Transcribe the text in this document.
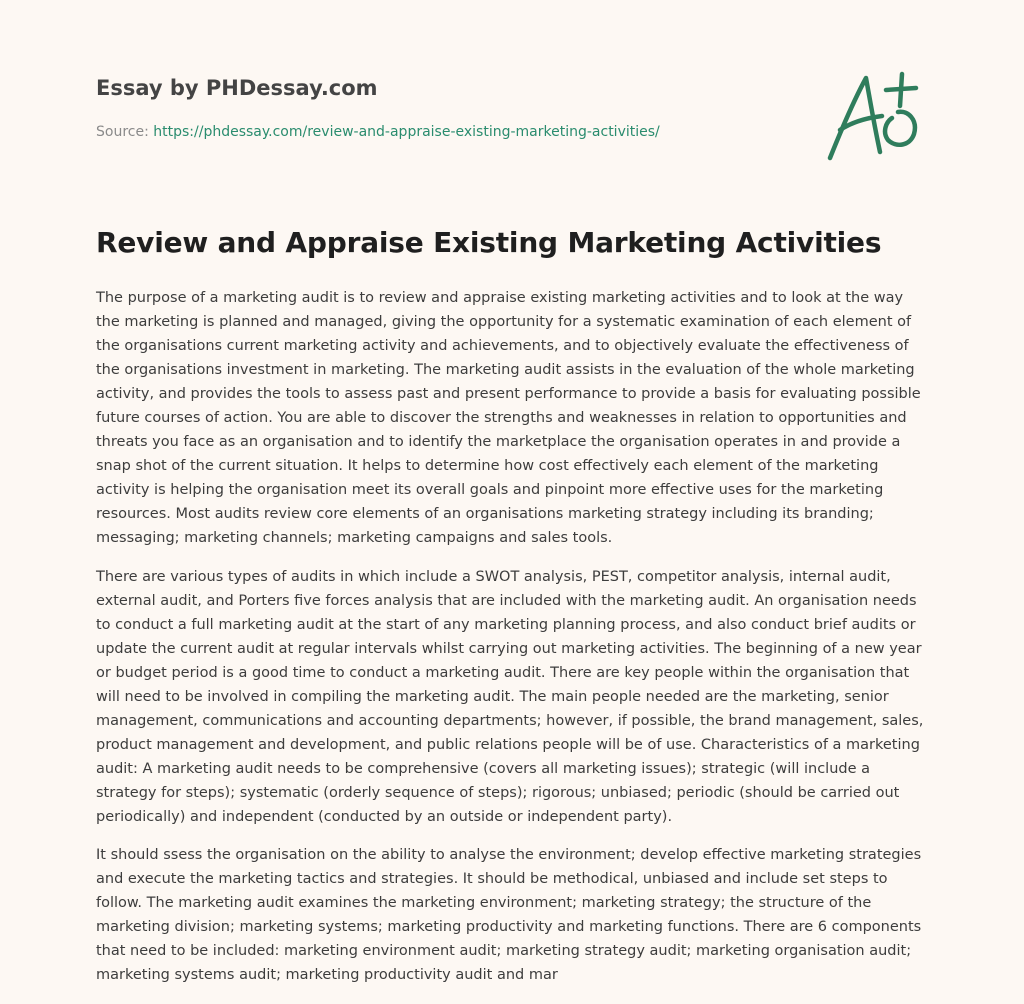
Essay by PHDessay.com

Source: https://phdessay.com/review-and-appraise-existing-marketing-activities/

Review and Appraise Existing Marketing Activities

The purpose of a marketing audit is to review and appraise existing marketing activities and to look at the way the marketing is planned and managed, giving the opportunity for a systematic examination of each element of the organisations current marketing activity and achievements, and to objectively evaluate the effectiveness of the organisations investment in marketing. The marketing audit assists in the evaluation of the whole marketing activity, and provides the tools to assess past and present performance to provide a basis for evaluating possible future courses of action. You are able to discover the strengths and weaknesses in relation to opportunities and threats you face as an organisation and to identify the marketplace the organisation operates in and provide a snap shot of the current situation. It helps to determine how cost effectively each element of the marketing activity is helping the organisation meet its overall goals and pinpoint more effective uses for the marketing resources. Most audits review core elements of an organisations marketing strategy including its branding; messaging; marketing channels; marketing campaigns and sales tools.

There are various types of audits in which include a SWOT analysis, PEST, competitor analysis, internal audit, external audit, and Porters five forces analysis that are included with the marketing audit. An organisation needs to conduct a full marketing audit at the start of any marketing planning process, and also conduct brief audits or update the current audit at regular intervals whilst carrying out marketing activities. The beginning of a new year or budget period is a good time to conduct a marketing audit. There are key people within the organisation that will need to be involved in compiling the marketing audit. The main people needed are the marketing, senior management, communications and accounting departments; however, if possible, the brand management, sales, product management and development, and public relations people will be of use. Characteristics of a marketing audit: A marketing audit needs to be comprehensive (covers all marketing issues); strategic (will include a strategy for steps); systematic (orderly sequence of steps); rigorous; unbiased; periodic (should be carried out periodically) and independent (conducted by an outside or independent party).

It should ssess the organisation on the ability to analyse the environment; develop effective marketing strategies and execute the marketing tactics and strategies. It should be methodical, unbiased and include set steps to follow. The marketing audit examines the marketing environment; marketing strategy; the structure of the marketing division; marketing systems; marketing productivity and marketing functions. There are 6 components that need to be included: marketing environment audit; marketing strategy audit; marketing organisation audit; marketing systems audit; marketing productivity audit and mar
